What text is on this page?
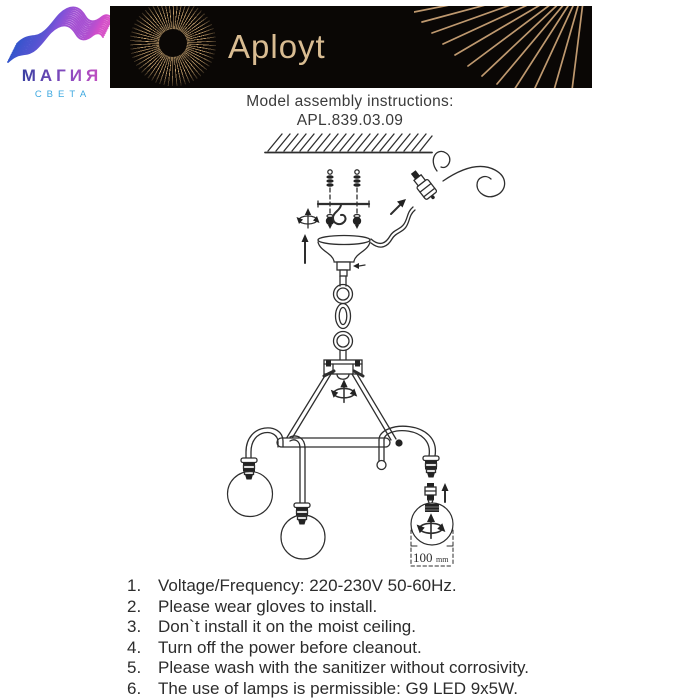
МАГИЯ
СВЕТА
Aployt
Model assembly instructions:
APL.839.03.09
100 mm
1. Voltage/Frequency: 220-230V 50-60Hz.
2. Please wear gloves to install.
3. Don`t install it on the moist ceiling.
4. Turn off the power before cleanout.
5. Please wash with the sanitizer without corrosivity.
6. The use of lamps is permissible: G9 LED 9x5W.
